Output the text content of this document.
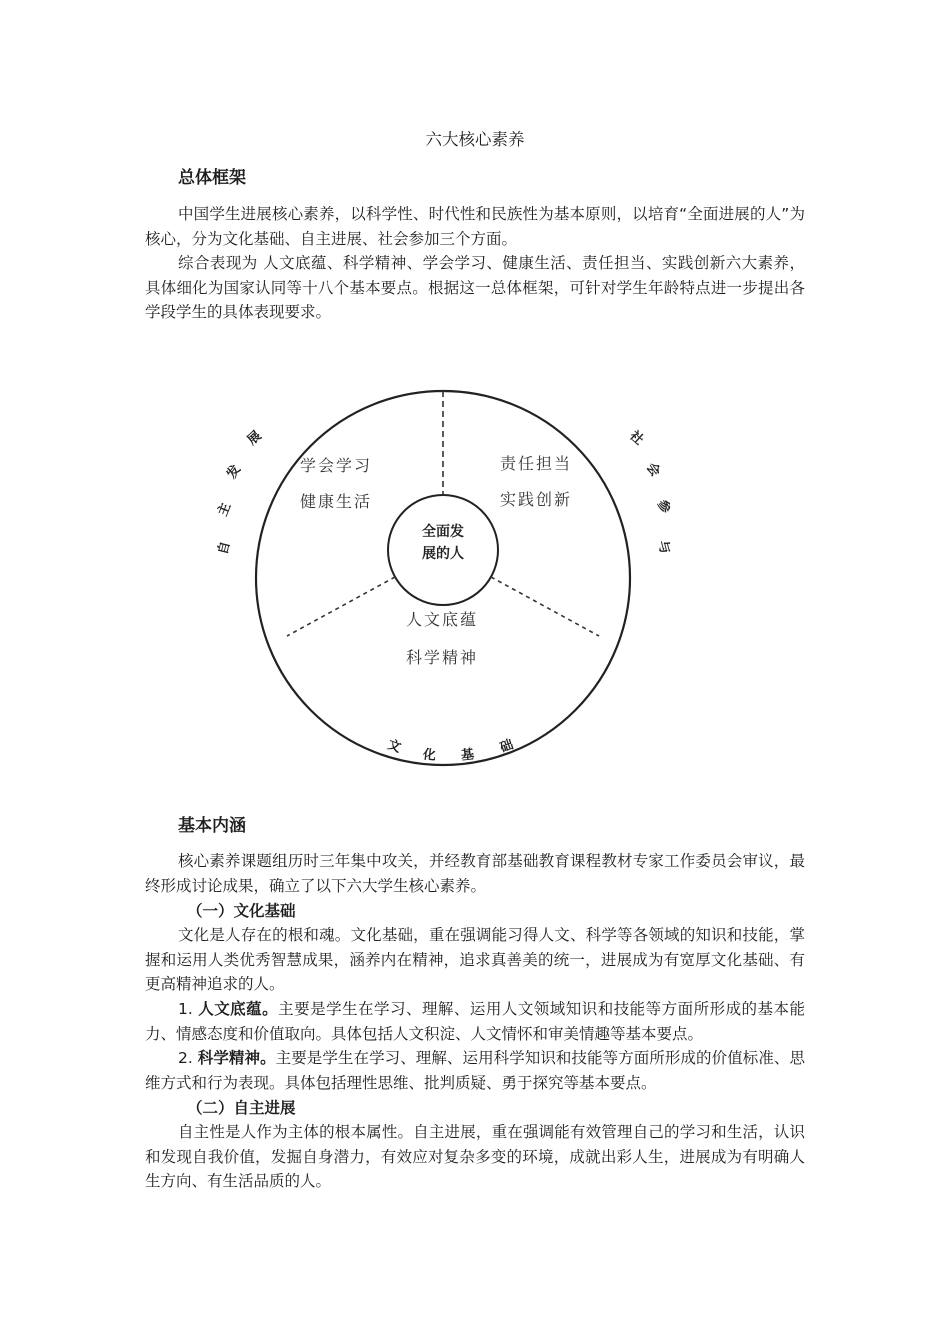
六大核心素养
总体框架

中国学生进展核心素养，以科学性、时代性和民族性为基本原则，以培育“全面进展的人”为核心，分为文化基础、自主进展、社会参加三个方面。

综合表现为 人文底蕴、科学精神、学会学习、健康生活、责任担当、实践创新六大素养， 具体细化为国家认同等十八个基本要点。根据这一总体框架，可针对学生年龄特点进一步提出各学段学生的具体表现要求。

基本内涵

核心素养课题组历时三年集中攻关，并经教育部基础教育课程教材专家工作委员会审议，最终形成讨论成果，确立了以下六大学生核心素养。

（一）文化基础

文化是人存在的根和魂。文化基础，重在强调能习得人文、科学等各领域的知识和技能，掌握和运用人类优秀智慧成果，涵养内在精神，追求真善美的统一，进展成为有宽厚文化基础、有更高精神追求的人。

1. 人文底蕴。主要是学生在学习、理解、运用人文领域知识和技能等方面所形成的基本能力、情感态度和价值取向。具体包括人文积淀、人文情怀和审美情趣等基本要点。

2. 科学精神。主要是学生在学习、理解、运用科学知识和技能等方面所形成的价值标准、思维方式和行为表现。具体包括理性思维、批判质疑、勇于探究等基本要点。

（二）自主进展

自主性是人作为主体的根本属性。自主进展，重在强调能有效管理自己的学习和生活，认识和发现自我价值，发掘自身潜力，有效应对复杂多变的环境，成就出彩人生，进展成为有明确人生方向、有生活品质的人。

学会学习
健康生活
责任担当
实践创新
人文底蕴
科学精神
全面发
展的人
自
主
发
展	社
会
参
与
文 化 基 础
